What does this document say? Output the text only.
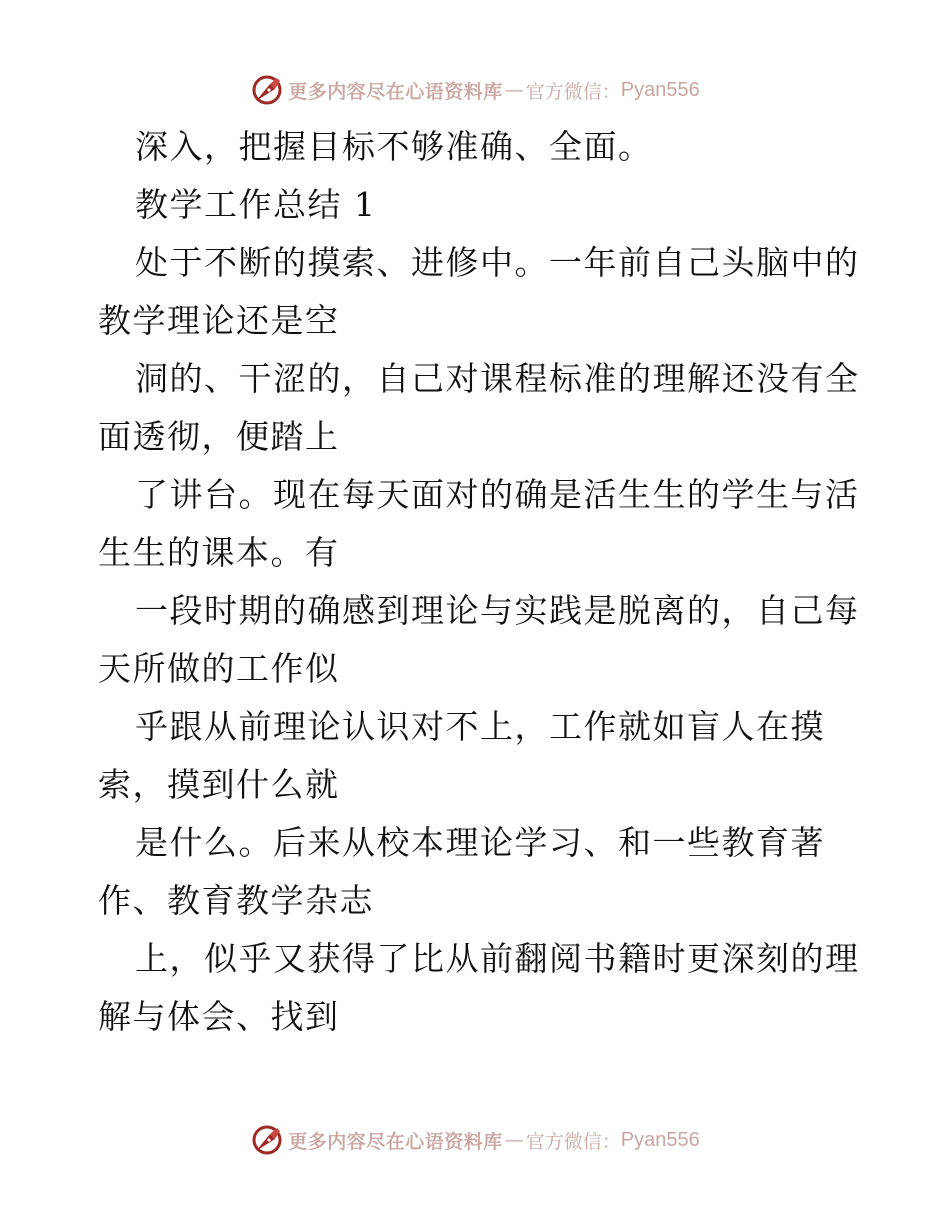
更多内容尽在心语资料库 — 官方微信： Pyan556
深入，把握目标不够准确、全面。
教学工作总结 1
处于不断的摸索、进修中。一年前自己头脑中的
教学理论还是空
洞的、干涩的，自己对课程标准的理解还没有全
面透彻，便踏上
了讲台。现在每天面对的确是活生生的学生与活
生生的课本。有
一段时期的确感到理论与实践是脱离的，自己每
天所做的工作似
乎跟从前理论认识对不上，工作就如盲人在摸
索，摸到什么就
是什么。后来从校本理论学习、和一些教育著
作、教育教学杂志
上，似乎又获得了比从前翻阅书籍时更深刻的理
解与体会、找到
更多内容尽在心语资料库 — 官方微信： Pyan556
